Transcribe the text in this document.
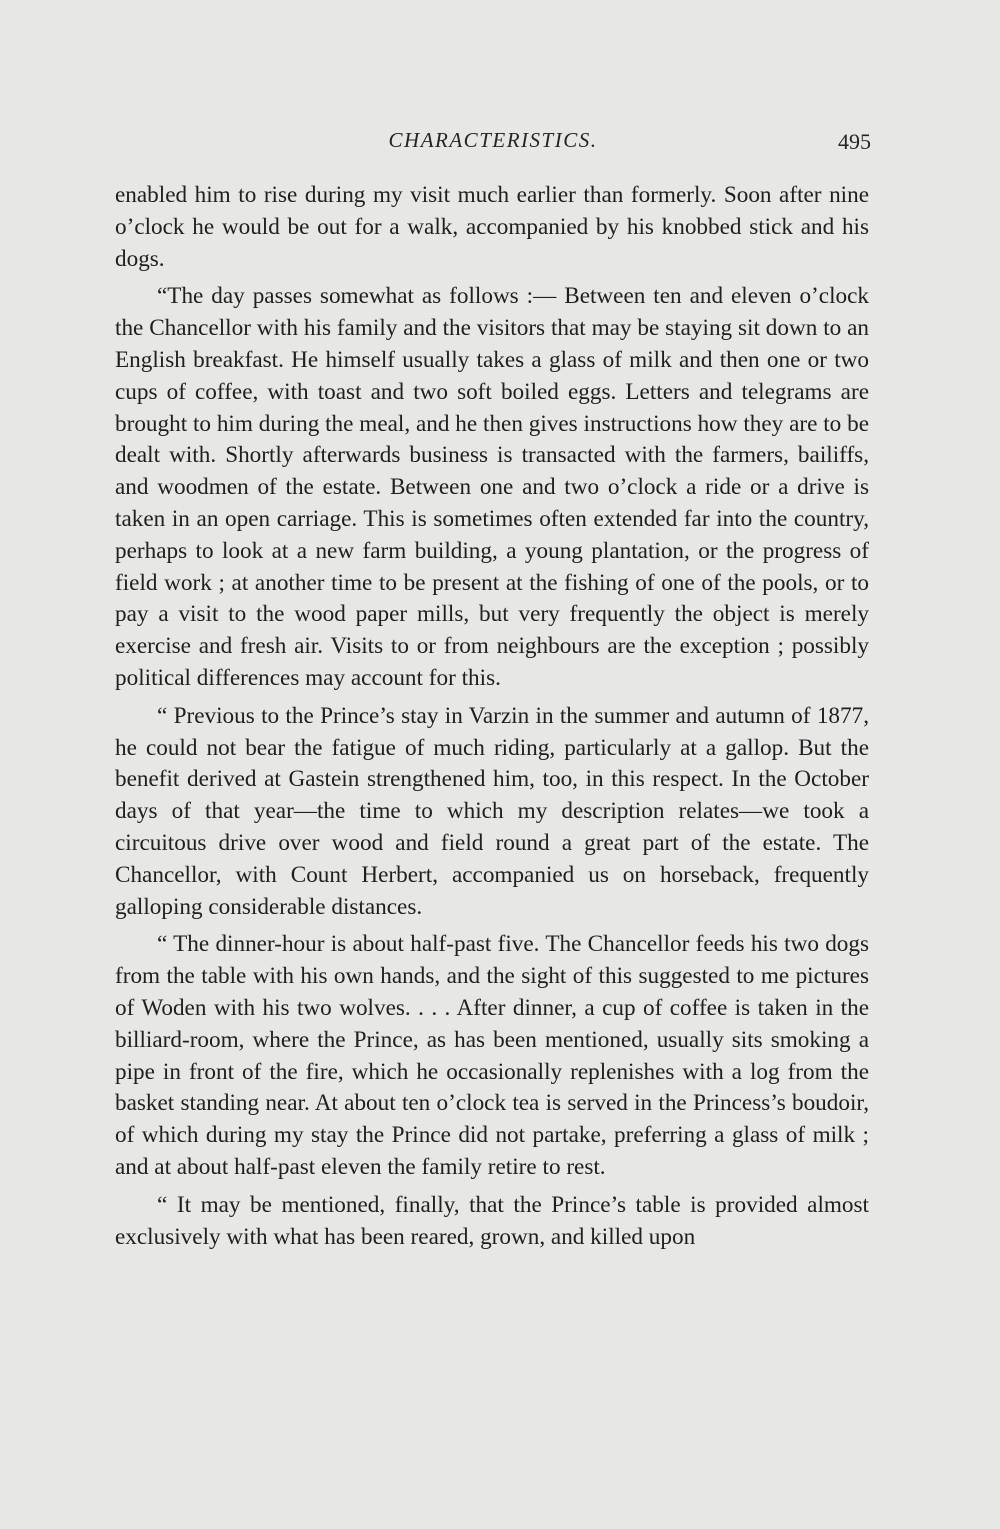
CHARACTERISTICS.	495

enabled him to rise during my visit much earlier than formerly. Soon after nine o’clock he would be out for a walk, accompanied by his knobbed stick and his dogs.

“The day passes somewhat as follows :— Between ten and eleven o’clock the Chancellor with his family and the visitors that may be staying sit down to an English breakfast. He himself usually takes a glass of milk and then one or two cups of coffee, with toast and two soft boiled eggs. Letters and telegrams are brought to him during the meal, and he then gives instructions how they are to be dealt with. Shortly afterwards business is transacted with the farmers, bailiffs, and woodmen of the estate. Between one and two o’clock a ride or a drive is taken in an open carriage. This is sometimes often extended far into the country, perhaps to look at a new farm building, a young plantation, or the progress of field work ; at another time to be present at the fishing of one of the pools, or to pay a visit to the wood paper mills, but very frequently the object is merely exercise and fresh air. Visits to or from neighbours are the exception ; possibly political differences may account for this.

“ Previous to the Prince’s stay in Varzin in the summer and autumn of 1877, he could not bear the fatigue of much riding, particularly at a gallop. But the benefit derived at Gastein strengthened him, too, in this respect. In the October days of that year—the time to which my description relates—we took a circuitous drive over wood and field round a great part of the estate. The Chancellor, with Count Herbert, accompanied us on horseback, frequently galloping considerable distances.

“ The dinner-hour is about half-past five. The Chancellor feeds his two dogs from the table with his own hands, and the sight of this suggested to me pictures of Woden with his two wolves. . . . After dinner, a cup of coffee is taken in the billiard-room, where the Prince, as has been mentioned, usually sits smoking a pipe in front of the fire, which he occasionally replenishes with a log from the basket standing near. At about ten o’clock tea is served in the Princess’s boudoir, of which during my stay the Prince did not partake, preferring a glass of milk ; and at about half-past eleven the family retire to rest.

“ It may be mentioned, finally, that the Prince’s table is provided almost exclusively with what has been reared, grown, and killed upon
